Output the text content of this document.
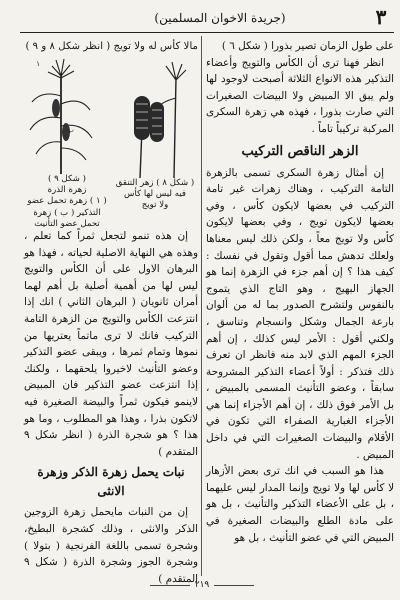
٣
(جريدة الاخوان المسلمين)

على طول الزمان تصير بذورا ( شكل ٦ )

انظر فهنا ترى أن الكأس والتويج وأعضاء التذكير هذه الانواع الثلاثة أصبحت لاوجود لها ولم يبق الا المبيض ولا البيضات الصغيرات التي صارت بذورا ، فهذه هي زهرة السكرى المركبة تركيباً تاماً .

الزهر الناقص التركيب

إن أمثال زهرة السكرى تسمى بالزهرة التامة التركيب ، وهناك زهرات غير تامة التركيب في بعضها لايكون كأس ، وفي بعضها لايكون تويج ، وفي بعضها لايكون كأس ولا تويج معاً ، ولكن ذلك ليس معناها ولعلك تدهش مما أقول وتقول في نفسك : كيف هذا ؟ إن أهم جزء في الزهرة إنما هو الجهاز البهيج ، وهو التاج الذي يتموج بالنفوس ولتشرح الصدور بما له من ألوان بارعة الجمال وشكل وانسجام وتناسق ، ولكني أقول : الأمر ليس كذلك ، إن أهم الجزء المهم الذي لابد منه فانظر ان تعرف ذلك فتذكر : أولاً أعضاء التذكير المشروحة سابقاً ، وعضو التأنيث المسمى بالمبيض ، بل الأمر فوق ذلك ، إن أهم الأجزاء إنما هي الأجزاء الغبارية الصفراء التي تكون في الأقلام والبيضات الصغيرات التي في داخل المبيض .

هذا هو السبب في انك ترى بعض الأزهار لا كأس لها ولا تويج وإنما المدار ليس عليهما ، بل على الأعضاء التذكير والتأنيث ، بل هو على مادة الطلع والبيضات الصغيرة في المبيض التي في عضو التأنيث ، بل هو

مالا كأس له ولا تويج ( انظر شكل ٨ و ٩ )
١
ب
( شكل ٩ )
زهرة الذرة
( ١ ) زهرة تحمل عضو
التذكير ( ب ) زهرة
تحمل عضو التأنيث
( شكل ٨ ) زهر التنقق
فيه ليس لها كأس
ولا تويج

إن هذه تنمو لتجعل ثمراً كما تعلم ، وهذه هي النهاية الاصلية لحياته ، فهذا هو البرهان الاول على أن الكأس والتويج ليس لها من أهمية أصلية بل أهم لهما أمران ثانويان ( البرهان الثاني ) انك إذا انتزعت الكأس والتويج من الزهرة التامة التركيب فانك لا ترى ماتماً يعتريها من نموها وتمام ثمرها ، ويبقى عضو التذكير وعضو التأنيث لاخيروا يلحقهما ، ولكنك إذا انتزعت عضو التذكير فان المبيض لاينمو فيكون ثمراً والبيضة الصغيرة فيه لاتكون بذرا ، وهذا هو المطلوب ، وما هو هذا ؟ هو شجرة الذرة ( انظر شكل ٩ المتقدم )

نبات يحمل زهرة الذكر وزهرة الانثى

إن من النبات مايحمل زهرة الزوجين الذكر والانثى ، وذلك كشجرة البطيخ، وشجرة تسمى باللغة الفرنجية ( بتولا ) وشجرة الجوز وشجرة الذرة ( شكل ٩ المتقدم )

٢١٩
